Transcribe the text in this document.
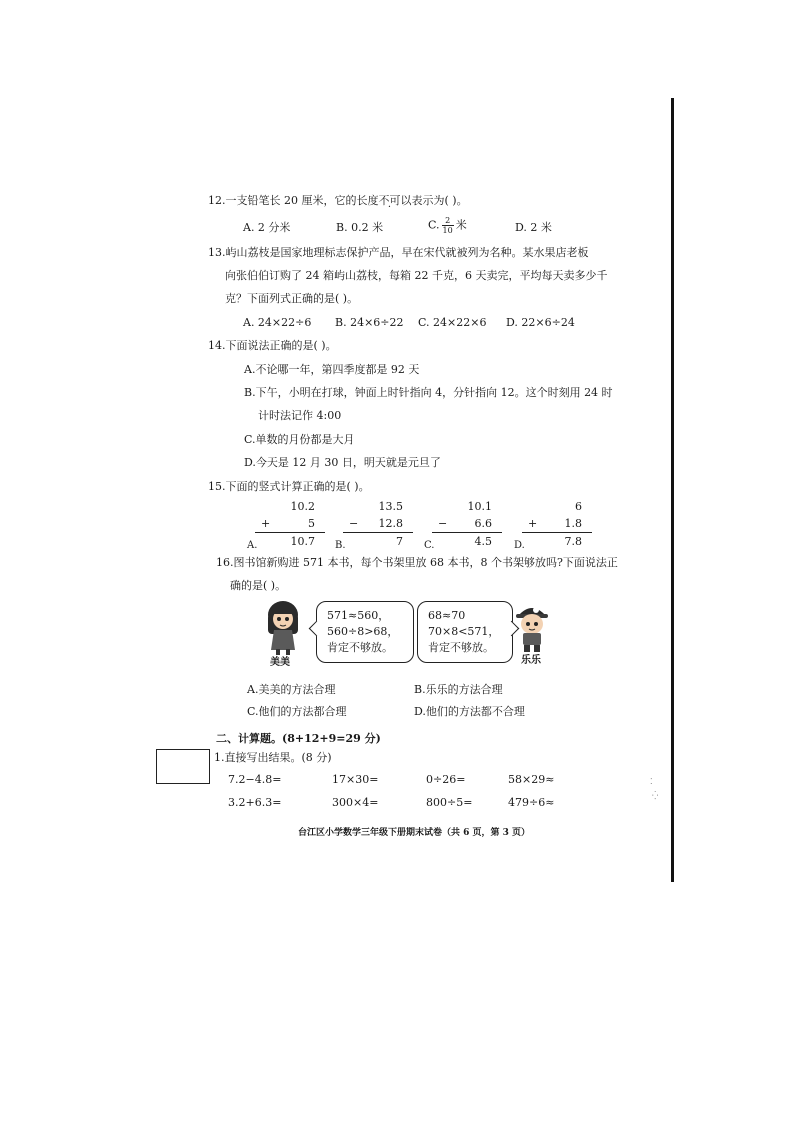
12.一支铅笔长 20 厘米，它的长度不可以表示为( )。
A. 2 分米	B. 0.2 米	C. $\frac{2}{10}$ 米	D. 2 米
13.屿山荔枝是国家地理标志保护产品，早在宋代就被列为名种。某水果店老板
向张伯伯订购了 24 箱屿山荔枝，每箱 22 千克，6 天卖完，平均每天卖多少千
克？下面列式正确的是( )。
A. 24×22÷6 B. 24×6÷22 C. 24×22×6 D. 22×6÷24
14.下面说法正确的是( )。
A.不论哪一年，第四季度都是 92 天
B.下午，小明在打球，钟面上时针指向 4，分针指向 12。这个时刻用 24 时
计时法记作 4:00
C.单数的月份都是大月
D.今天是 12 月 30 日，明天就是元旦了
15.下面的竖式计算正确的是( )。
10.2
+	5
10.7
A.
13.5
− 12.8
7
B.
10.1
− 6.6
4.5
C.
6
+ 1.8
7.8
D.
16.图书馆新购进 571 本书，每个书架里放 68 本书，8 个书架够放吗?下面说法正
确的是( )。
美美
571≈560，
560÷8>68，
肯定不够放。
68≈70
70×8<571，
肯定不够放。
乐乐
A.美美的方法合理	B.乐乐的方法合理
C.他们的方法都合理	D.他们的方法都不合理
二、计算题。(8+12+9=29 分)
1.直接写出结果。(8 分)
7.2−4.8=	17×30=	0÷26=	58×29≈
3.2+6.3=	300×4=	800÷5=	479÷6≈
台江区小学数学三年级下册期末试卷（共 6 页，第 3 页）
⁚
⁛
